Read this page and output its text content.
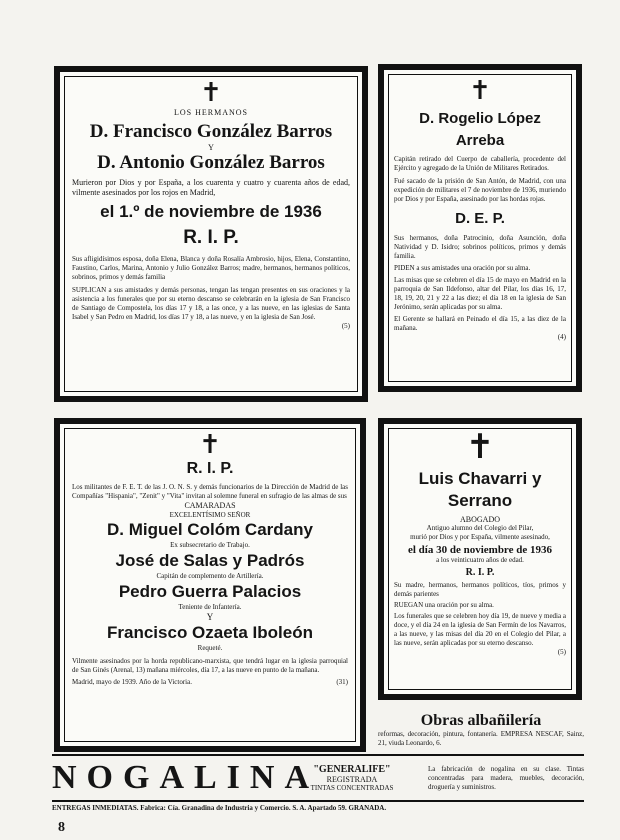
✝
LOS HERMANOS
D. Francisco González Barros
Y
D. Antonio González Barros

Murieron por Dios y por España, a los cuarenta y cuatro y cuarenta años de edad, vilmente asesinados por los rojos en Madrid,

el 1.º de noviembre de 1936
R. I. P.

Sus afligidísimos esposa, doña Elena, Blanca y doña Rosalía Ambrosio, hijos, Elena, Constantino, Faustino, Carlos, Marina, Antonio y Julio González Barros; madre, hermanos, hermanos políticos, sobrinos, primos y demás familia

SUPLICAN a sus amistades y demás personas, tengan las tengan presentes en sus oraciones y la asistencia a los funerales que por su eterno descanso se celebrarán en la iglesia de San Francisco de Santiago de Compostela, los días 17 y 18, a las once, y a las nueve, en las iglesias de Santa Isabel y San Pedro en Madrid, los días 17 y 18, a las nueve, y en la iglesia de San José.

(5)
✝
D. Rogelio López Arreba

Capitán retirado del Cuerpo de caballería, procedente del Ejército y agregado de la Unión de Militares Retirados.

Fué sacado de la prisión de San Antón, de Madrid, con una expedición de militares el 7 de noviembre de 1936, muriendo por Dios y por España, asesinado por las hordas rojas.

D. E. P.

Sus hermanos, doña Patrocinio, doña Asunción, doña Natividad y D. Isidro; sobrinos políticos, primos y demás familia.

PIDEN a sus amistades una oración por su alma.

Las misas que se celebren el día 15 de mayo en Madrid en la parroquia de San Ildefonso, altar del Pilar, los días 16, 17, 18, 19, 20, 21 y 22 a las diez; el día 18 en la iglesia de San Jerónimo, serán aplicadas por su alma.

El Gerente se hallará en Peinado el día 15, a las diez de la mañana.

(4)
✝
R. I. P.

Los militantes de F. E. T. de las J. O. N. S. y demás funcionarios de la Dirección de Madrid de las Compañías "Hispania", "Zenit" y "Vita" invitan al solemne funeral en sufragio de las almas de sus

CAMARADAS
EXCELENTÍSIMO SEÑOR
D. Miguel Colóm Cardany
Ex subsecretario de Trabajo.
José de Salas y Padrós
Capitán de complemento de Artillería.
Pedro Guerra Palacios
Teniente de Infantería.
Y
Francisco Ozaeta Iboleón
Requeté.

Vilmente asesinados por la horda republicano-marxista, que tendrá lugar en la iglesia parroquial de San Ginés (Arenal, 13) mañana miércoles, día 17, a las nueve en punto de la mañana.

Madrid, mayo de 1939. Año de la Victoria.	(31)
✝
Luis Chavarri y Serrano
ABOGADO
Antiguo alumno del Colegio del Pilar,
murió por Dios y por España, vilmente asesinado,
el día 30 de noviembre de 1936
a los veinticuatro años de edad.
R. I. P.

Su madre, hermanos, hermanos políticos, tíos, primos y demás parientes

RUEGAN una oración por su alma.

Los funerales que se celebren hoy día 19, de nueve y media a doce, y el día 24 en la iglesia de San Fermín de los Navarros, a las nueve, y las misas del día 20 en el Colegio del Pilar, a las nueve, serán aplicadas por su eterno descanso.

(5)
Obras albañilería
reformas, decoración, pintura, fontanería. EMPRESA NESCAF, Sainz, 21, viuda Leonardo, 6.
NOGALINA
"GENERALIFE"
REGISTRADA
TINTAS CONCENTRADAS
La fabricación de nogalina en su clase. Tintas concentradas para madera, muebles, decoración, droguería y suministros.
ENTREGAS INMEDIATAS. Fabrica: Cía. Granadina de Industria y Comercio. S. A. Apartado 59. GRANADA.
8
